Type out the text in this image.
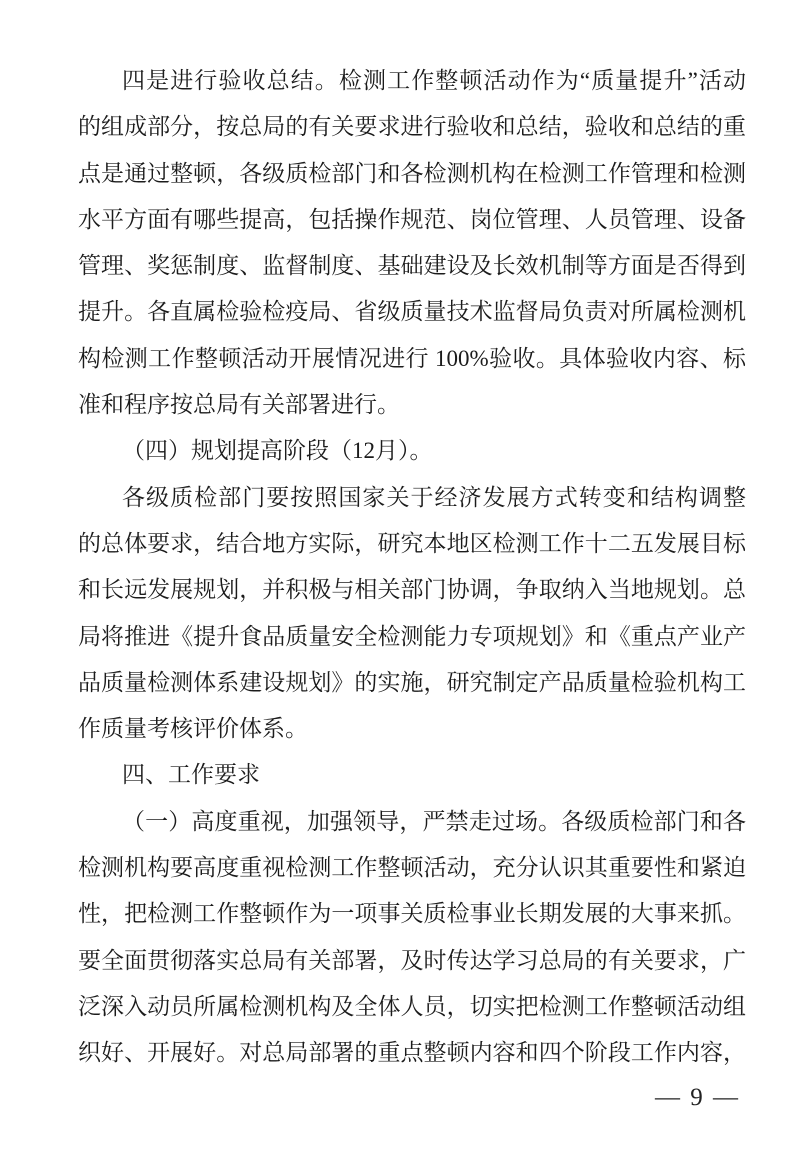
四是进行验收总结。检测工作整顿活动作为“质量提升”活动
的组成部分，按总局的有关要求进行验收和总结，验收和总结的重
点是通过整顿，各级质检部门和各检测机构在检测工作管理和检测
水平方面有哪些提高，包括操作规范、岗位管理、人员管理、设备
管理、奖惩制度、监督制度、基础建设及长效机制等方面是否得到
提升。各直属检验检疫局、省级质量技术监督局负责对所属检测机
构检测工作整顿活动开展情况进行 100%验收。具体验收内容、标
准和程序按总局有关部署进行。
（四）规划提高阶段（12月）。
各级质检部门要按照国家关于经济发展方式转变和结构调整
的总体要求，结合地方实际，研究本地区检测工作十二五发展目标
和长远发展规划，并积极与相关部门协调，争取纳入当地规划。总
局将推进《提升食品质量安全检测能力专项规划》和《重点产业产
品质量检测体系建设规划》的实施，研究制定产品质量检验机构工
作质量考核评价体系。
四、工作要求
（一）高度重视，加强领导，严禁走过场。各级质检部门和各
检测机构要高度重视检测工作整顿活动，充分认识其重要性和紧迫
性，把检测工作整顿作为一项事关质检事业长期发展的大事来抓。
要全面贯彻落实总局有关部署，及时传达学习总局的有关要求，广
泛深入动员所属检测机构及全体人员，切实把检测工作整顿活动组
织好、开展好。对总局部署的重点整顿内容和四个阶段工作内容，
— 9 —
